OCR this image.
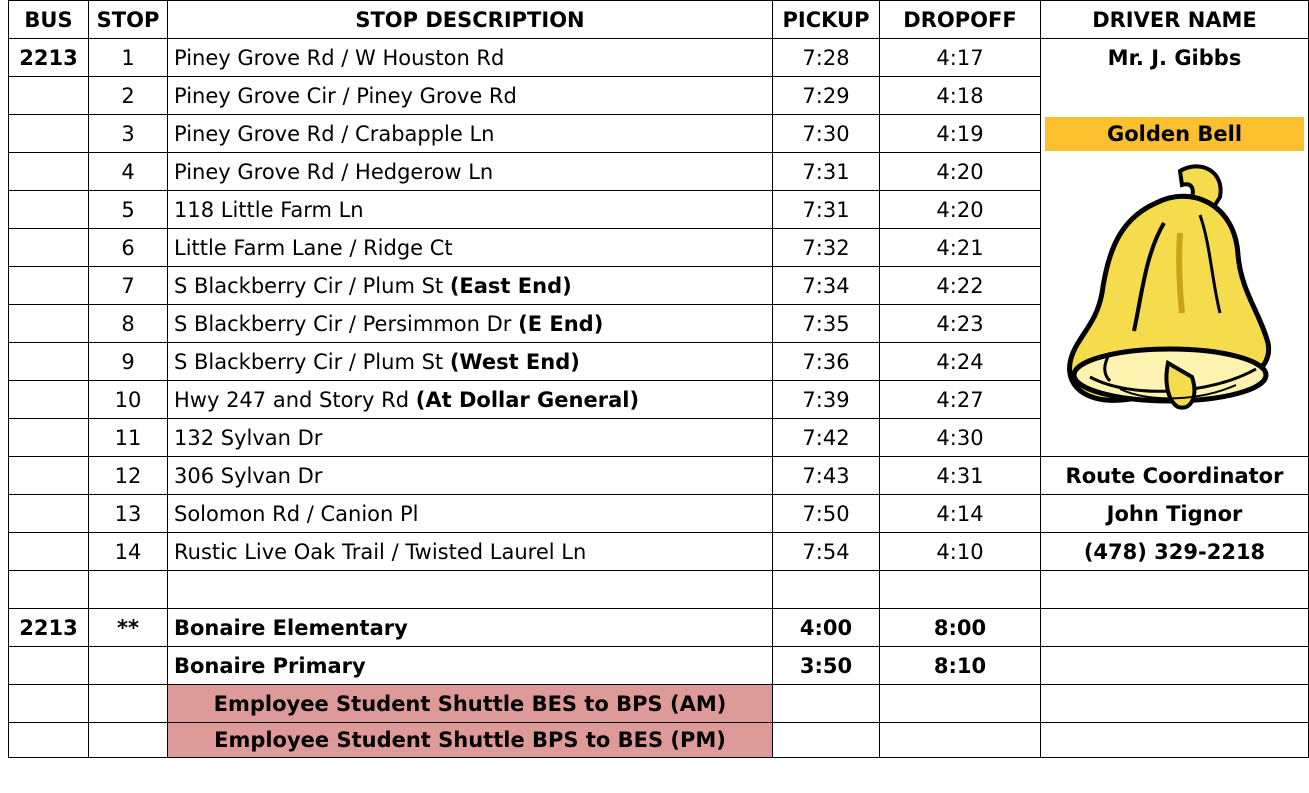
BUS	STOP	STOP DESCRIPTION	PICKUP	DROPOFF	DRIVER NAME
2213	1	Piney Grove Rd / W Houston Rd	7:28	4:17	Mr. J. Gibbs
	2	Piney Grove Cir / Piney Grove Rd	7:29	4:18	
	3	Piney Grove Rd / Crabapple Ln	7:30	4:19	Golden Bell

	4	Piney Grove Rd / Hedgerow Ln	7:31	4:20	
	5	118 Little Farm Ln	7:31	4:20	
	6	Little Farm Lane / Ridge Ct	7:32	4:21	
	7	S Blackberry Cir / Plum St (East End)	7:34	4:22	
	8	S Blackberry Cir / Persimmon Dr (E End)	7:35	4:23	
	9	S Blackberry Cir / Plum St (West End)	7:36	4:24	
	10	Hwy 247 and Story Rd (At Dollar General)	7:39	4:27	
	11	132 Sylvan Dr	7:42	4:30	
	12	306 Sylvan Dr	7:43	4:31	Route Coordinator
	13	Solomon Rd / Canion Pl	7:50	4:14	John Tignor
	14	Rustic Live Oak Trail / Twisted Laurel Ln	7:54	4:10	(478) 329-2218

2213	**	Bonaire Elementary	4:00	8:00	
		Bonaire Primary	3:50	8:10	
		Employee Student Shuttle BES to BPS (AM)			
		Employee Student Shuttle BPS to BES (PM)			
